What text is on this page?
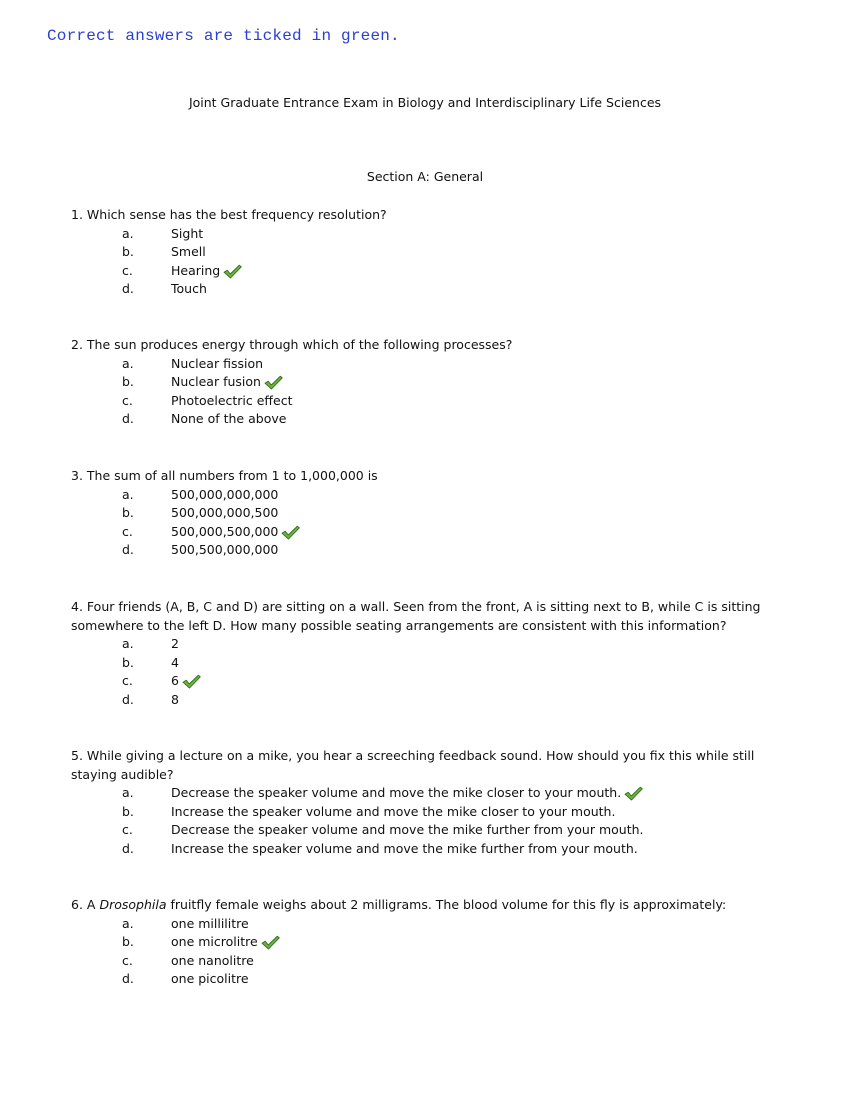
Correct answers are ticked in green.
Joint Graduate Entrance Exam in Biology and Interdisciplinary Life Sciences
Section A: General

1. Which sense has the best frequency resolution?

a.	Sight
b.	Smell
c.	Hearing
d.	Touch

2. The sun produces energy through which of the following processes?

a.	Nuclear fission
b.	Nuclear fusion
c.	Photoelectric effect
d.	None of the above

3. The sum of all numbers from 1 to 1,000,000 is

a.	500,000,000,000
b.	500,000,000,500
c.	500,000,500,000
d.	500,500,000,000

4. Four friends (A, B, C and D) are sitting on a wall. Seen from the front, A is sitting next to B, while C is sitting somewhere to the left D. How many possible seating arrangements are consistent with this information?

a.	2
b.	4
c.	6
d.	8

5. While giving a lecture on a mike, you hear a screeching feedback sound. How should you fix this while still staying audible?

a.	Decrease the speaker volume and move the mike closer to your mouth.
b.	Increase the speaker volume and move the mike closer to your mouth.
c.	Decrease the speaker volume and move the mike further from your mouth.
d.	Increase the speaker volume and move the mike further from your mouth.

6. A Drosophila fruitfly female weighs about 2 milligrams. The blood volume for this fly is approximately:

a.	one millilitre
b.	one microlitre
c.	one nanolitre
d.	one picolitre
